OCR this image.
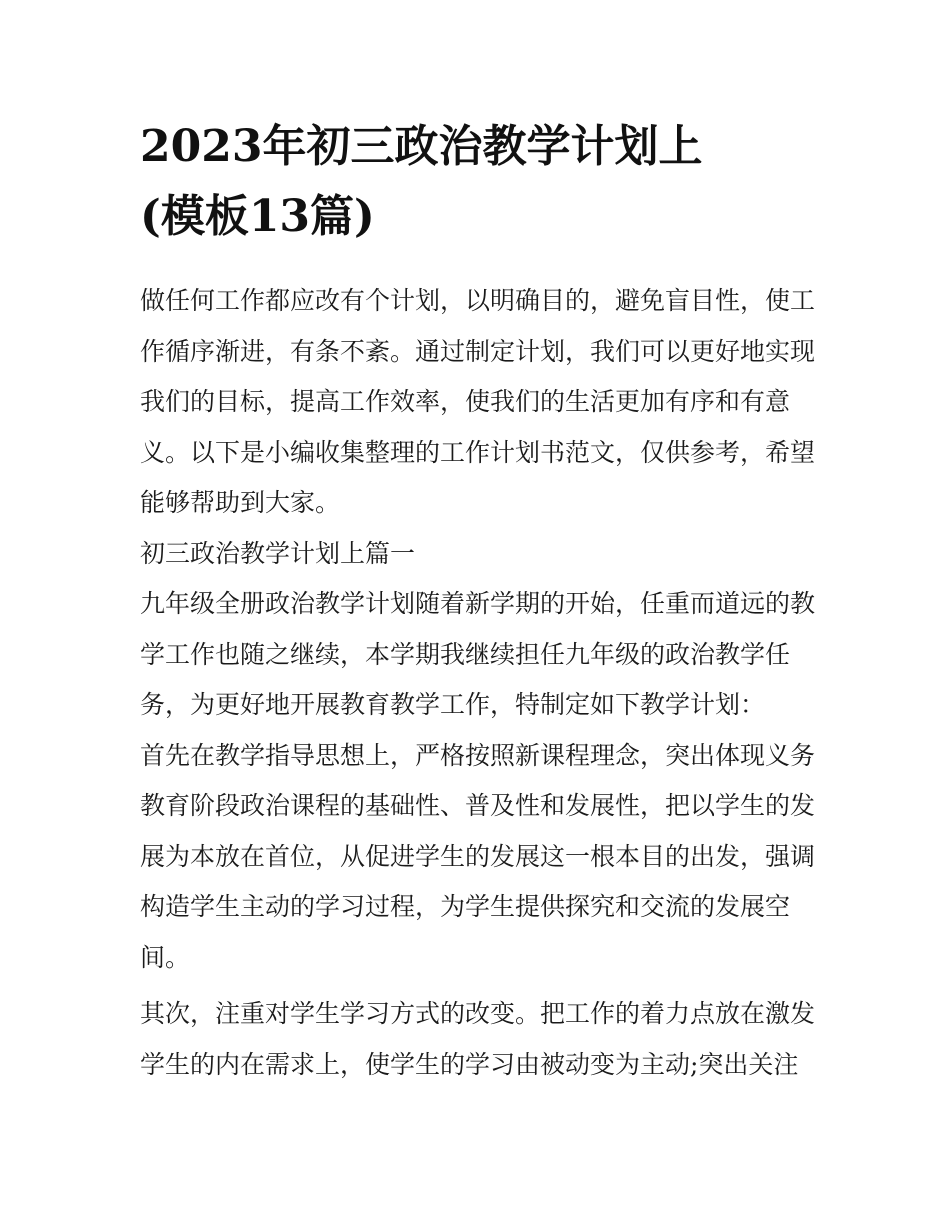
2023年初三政治教学计划上
(模板13篇)
做任何工作都应改有个计划，以明确目的，避免盲目性，使工
作循序渐进，有条不紊。通过制定计划，我们可以更好地实现
我们的目标，提高工作效率，使我们的生活更加有序和有意
义。以下是小编收集整理的工作计划书范文，仅供参考，希望
能够帮助到大家。
初三政治教学计划上篇一
九年级全册政治教学计划随着新学期的开始，任重而道远的教
学工作也随之继续，本学期我继续担任九年级的政治教学任
务，为更好地开展教育教学工作，特制定如下教学计划：
首先在教学指导思想上，严格按照新课程理念，突出体现义务
教育阶段政治课程的基础性、普及性和发展性，把以学生的发
展为本放在首位，从促进学生的发展这一根本目的出发，强调
构造学生主动的学习过程，为学生提供探究和交流的发展空
间。
其次，注重对学生学习方式的改变。把工作的着力点放在激发
学生的内在需求上，使学生的学习由被动变为主动;突出关注
